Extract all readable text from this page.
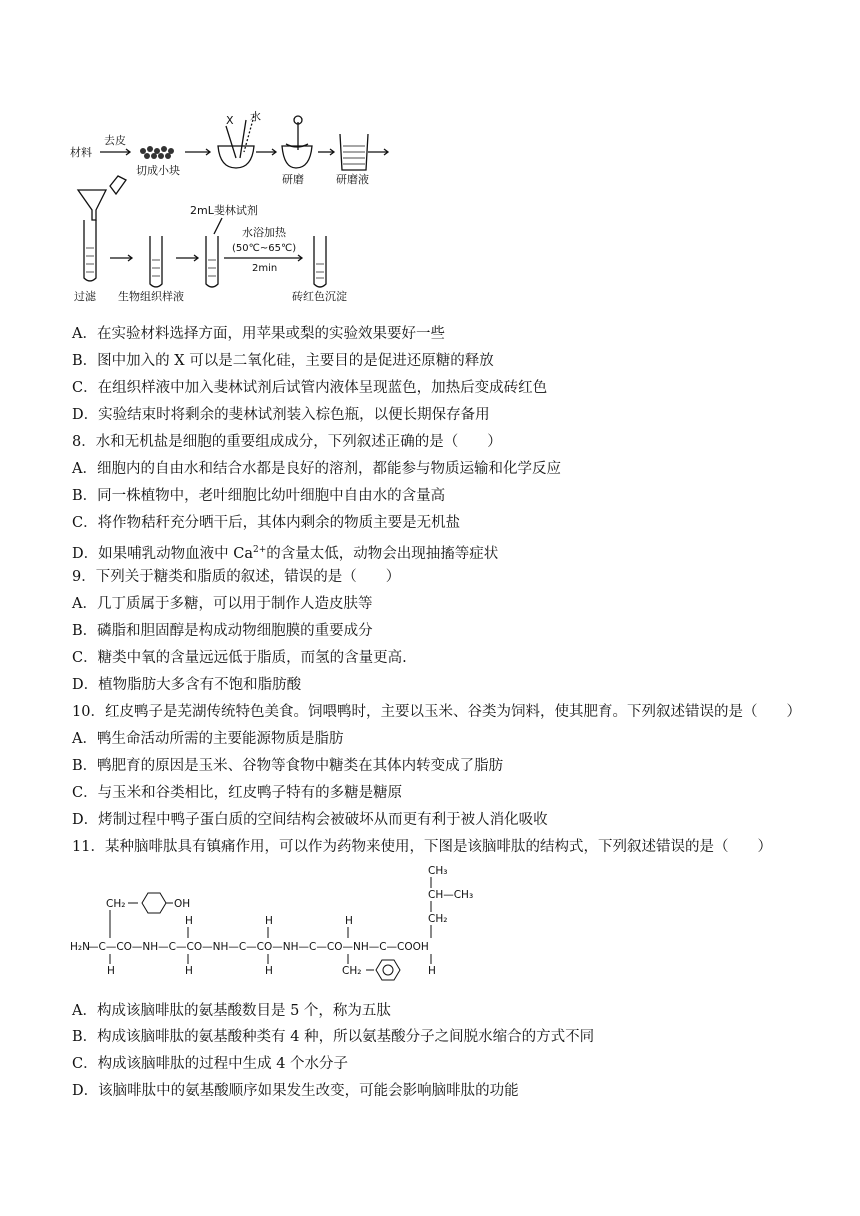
材料
去皮
切成小块
X 水
研磨	研磨液
过滤 生物组织样液
2mL斐林试剂
水浴加热
(50℃~65℃)
2min
砖红色沉淀
A．在实验材料选择方面，用苹果或梨的实验效果要好一些
B．图中加入的 X 可以是二氧化硅，主要目的是促进还原糖的释放
C．在组织样液中加入斐林试剂后试管内液体呈现蓝色，加热后变成砖红色
D．实验结束时将剩余的斐林试剂装入棕色瓶，以便长期保存备用
8．水和无机盐是细胞的重要组成成分，下列叙述正确的是（　　）
A．细胞内的自由水和结合水都是良好的溶剂，都能参与物质运输和化学反应
B．同一株植物中，老叶细胞比幼叶细胞中自由水的含量高
C．将作物秸秆充分晒干后，其体内剩余的物质主要是无机盐
D．如果哺乳动物血液中 $Ca^{2+}$的含量太低，动物会出现抽搐等症状
9．下列关于糖类和脂质的叙述，错误的是（　　）
A．几丁质属于多糖，可以用于制作人造皮肤等
B．磷脂和胆固醇是构成动物细胞膜的重要成分
C．糖类中氧的含量远远低于脂质，而氢的含量更高.
D．植物脂肪大多含有不饱和脂肪酸
10．红皮鸭子是芜湖传统特色美食。饲喂鸭时，主要以玉米、谷类为饲料，使其肥育。下列叙述错误的是（　　）
A．鸭生命活动所需的主要能源物质是脂肪
B．鸭肥育的原因是玉米、谷物等食物中糖类在其体内转变成了脂肪
C．与玉米和谷类相比，红皮鸭子特有的多糖是糖原
D．烤制过程中鸭子蛋白质的空间结构会被破坏从而更有利于被人消化吸收
11．某种脑啡肽具有镇痛作用，可以作为药物来使用，下图是该脑啡肽的结构式，下列叙述错误的是（　　）
CH₃
CH—CH₃
CH₂
CH₂	OH
H₂N
—C—CO—NH—C—CO—NH—C—CO—NH—C—CO—NH—C—COOH
H	H
H
H
H	H
CH₂	H
A．构成该脑啡肽的氨基酸数目是 5 个，称为五肽
B．构成该脑啡肽的氨基酸种类有 4 种，所以氨基酸分子之间脱水缩合的方式不同
C．构成该脑啡肽的过程中生成 4 个水分子
D．该脑啡肽中的氨基酸顺序如果发生改变，可能会影响脑啡肽的功能
